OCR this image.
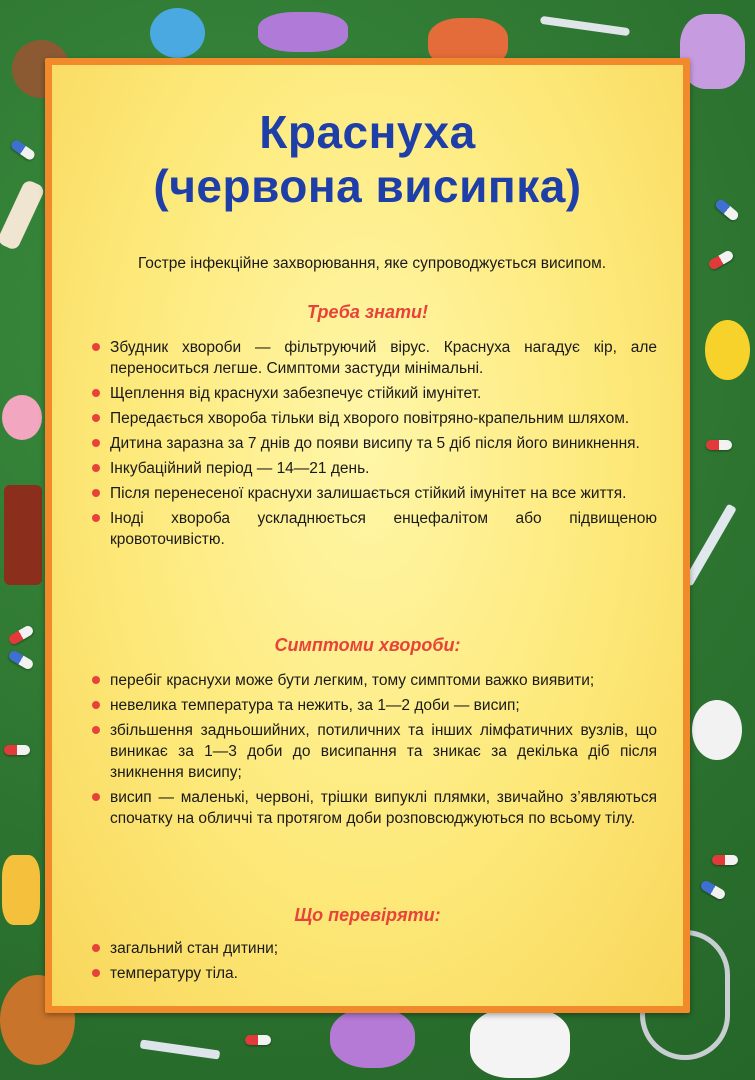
Краснуха
(червона висипка)
Гостре інфекційне захворювання, яке супроводжується висипом.
Треба знати!
Збудник хвороби — фільтруючий вірус. Краснуха нагадує кір, але переноситься легше. Симптоми застуди мінімальні.
Щеплення від краснухи забезпечує стійкий імунітет.
Передається хвороба тільки від хворого повітряно-крапельним шляхом.
Дитина заразна за 7 днів до появи висипу та 5 діб після його виникнення.
Інкубаційний період — 14—21 день.
Після перенесеної краснухи залишається стійкий імунітет на все життя.
Іноді хвороба ускладнюється енцефалітом або підвищеною кровоточивістю.
Симптоми хвороби:
перебіг краснухи може бути легким, тому симптоми важко виявити;
невелика температура та нежить, за 1—2 доби — висип;
збільшення задньошийних, потиличних та інших лімфатичних вузлів, що виникає за 1—3 доби до висипання та зникає за декілька діб після зникнення висипу;
висип — маленькі, червоні, трішки випуклі плямки, звичайно з’являються спочатку на обличчі та протягом доби розповсюджуються по всьому тілу.
Що перевіряти:
загальний стан дитини;
температуру тіла.
